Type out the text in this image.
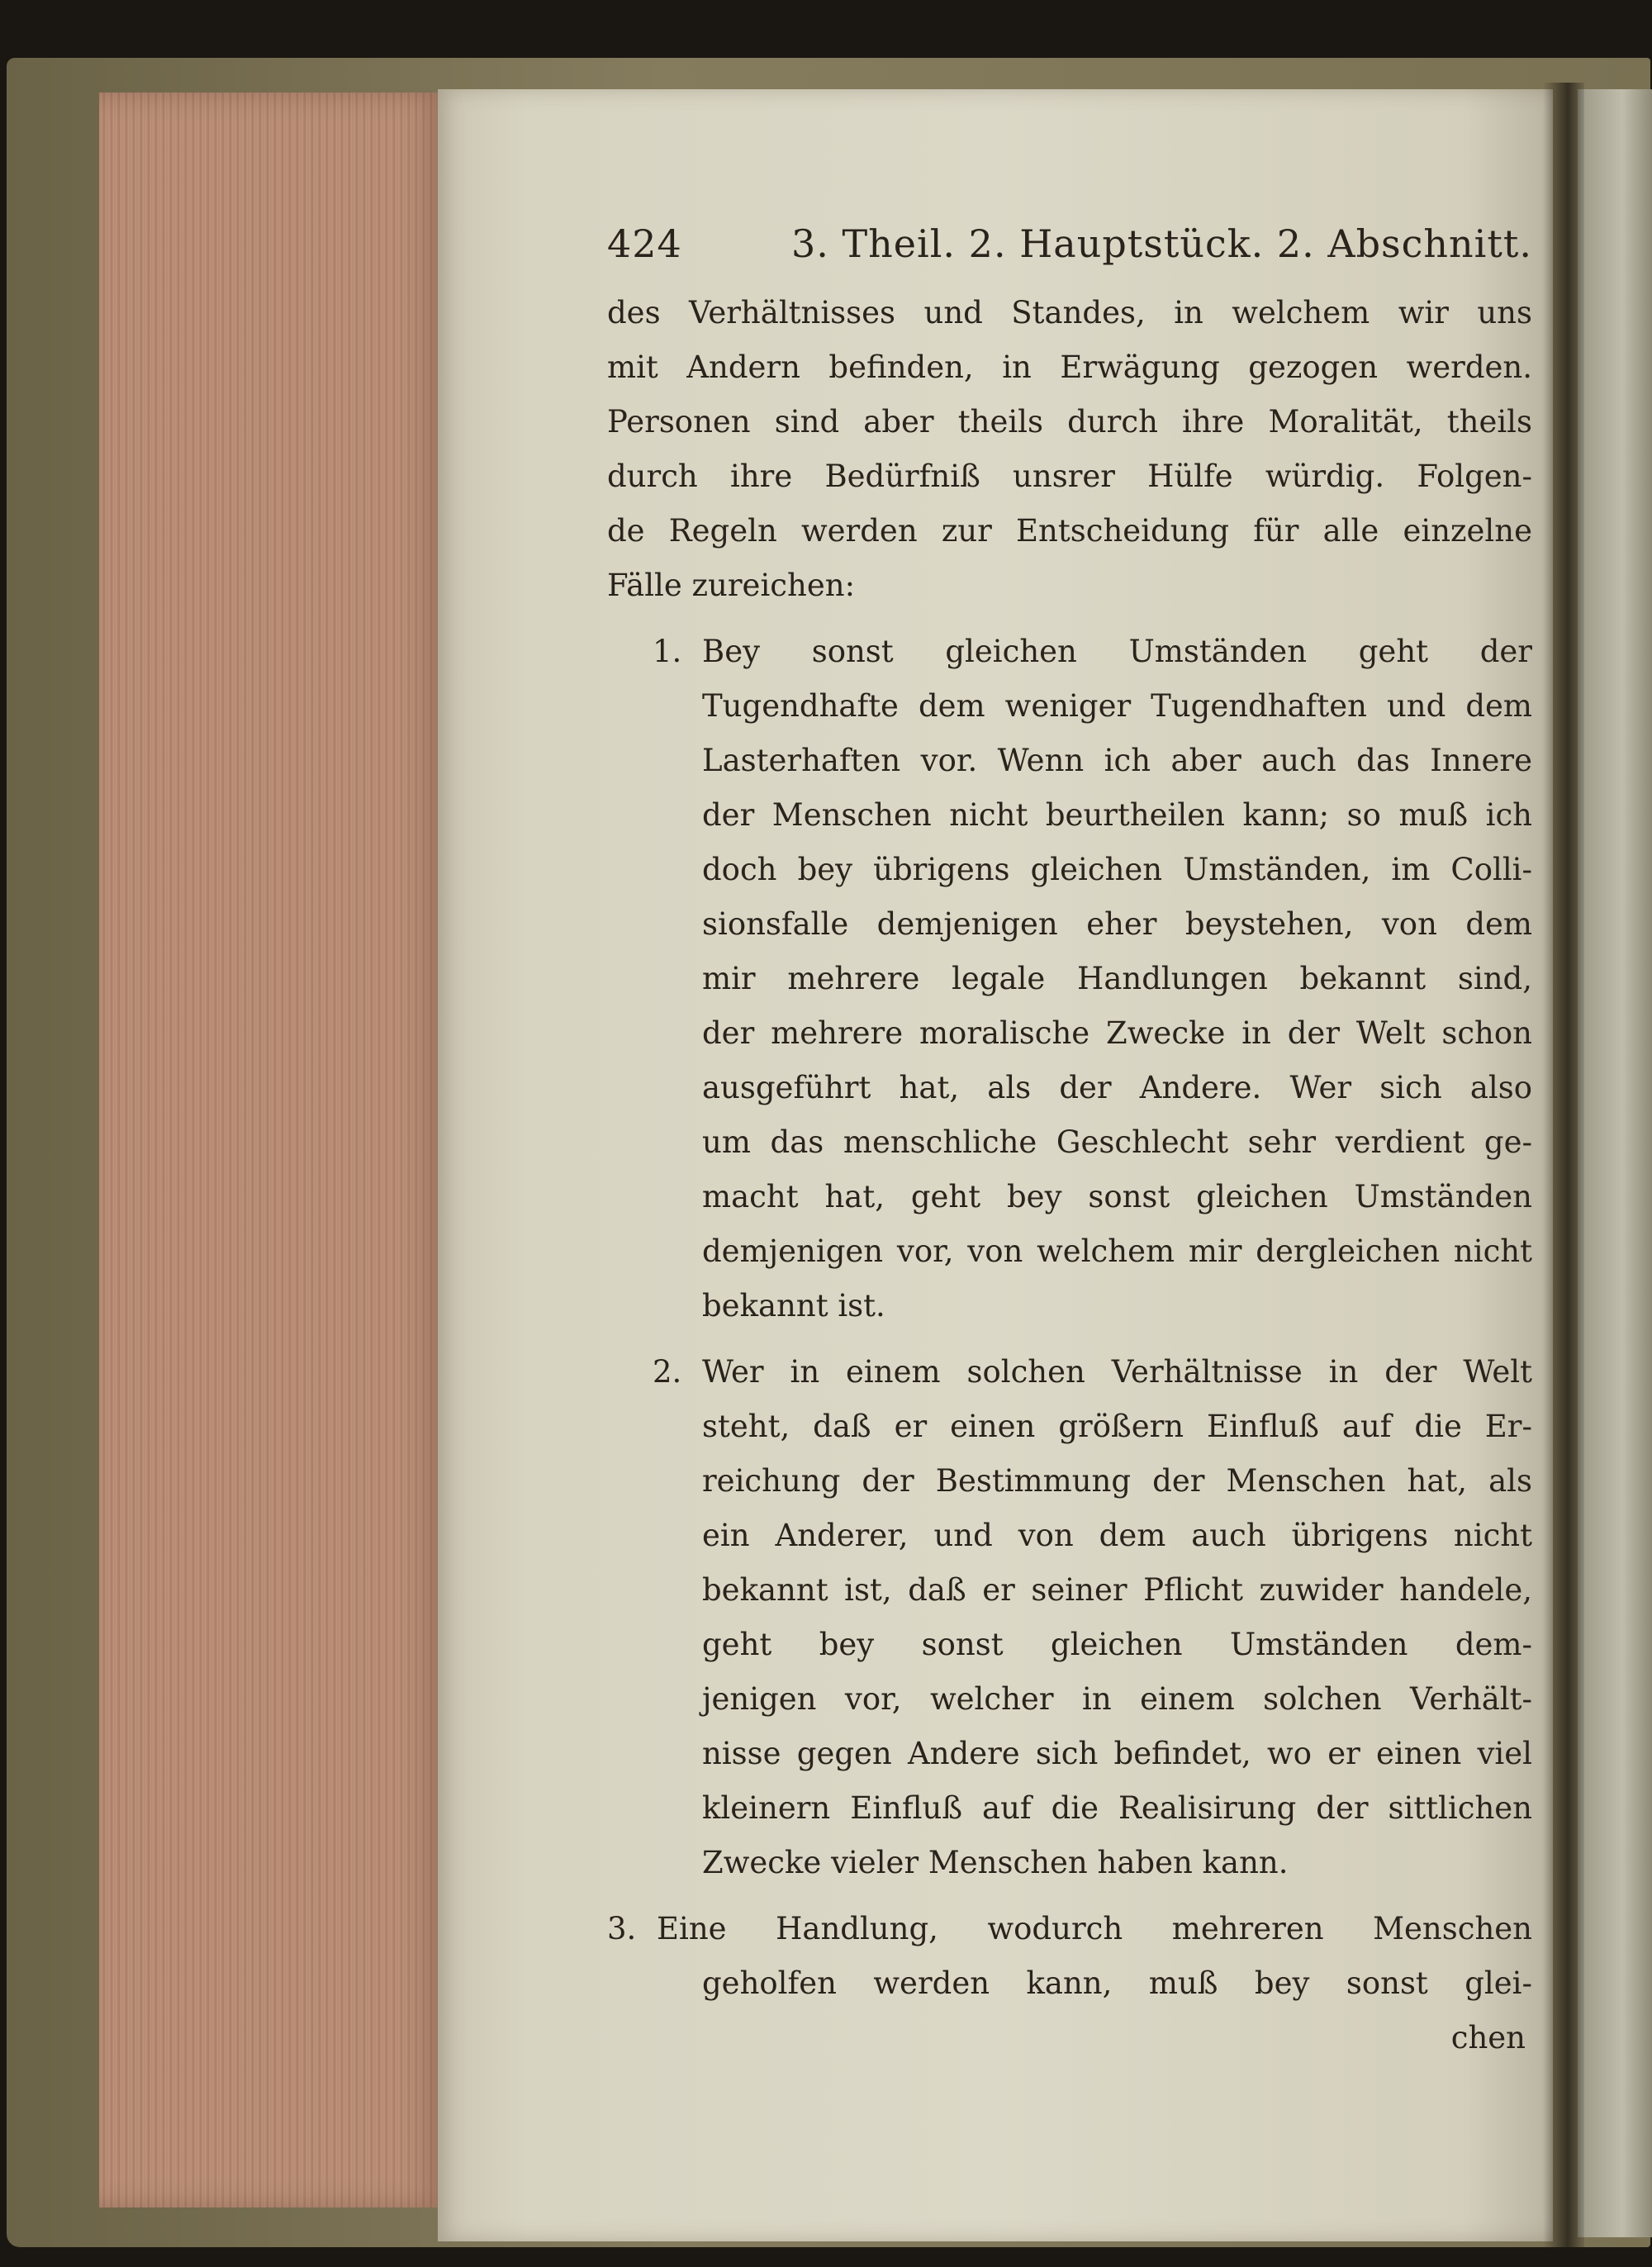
424	3. Theil. 2. Hauptstück. 2. Abschnitt.
des Verhältnisses und Standes, in welchem wir uns
mit Andern befinden, in Erwägung gezogen werden.
Personen sind aber theils durch ihre Moralität, theils
durch ihre Bedürfniß unsrer Hülfe würdig. Folgen-
de Regeln werden zur Entscheidung für alle einzelne
Fälle zureichen:
1. Bey sonst gleichen Umständen geht der
Tugendhafte dem weniger Tugendhaften und dem
Lasterhaften vor. Wenn ich aber auch das Innere
der Menschen nicht beurtheilen kann; so muß ich
doch bey übrigens gleichen Umständen, im Colli-
sionsfalle demjenigen eher beystehen, von dem
mir mehrere legale Handlungen bekannt sind,
der mehrere moralische Zwecke in der Welt schon
ausgeführt hat, als der Andere. Wer sich also
um das menschliche Geschlecht sehr verdient ge-
macht hat, geht bey sonst gleichen Umständen
demjenigen vor, von welchem mir dergleichen nicht
bekannt ist.
2. Wer in einem solchen Verhältnisse in der Welt
steht, daß er einen größern Einfluß auf die Er-
reichung der Bestimmung der Menschen hat, als
ein Anderer, und von dem auch übrigens nicht
bekannt ist, daß er seiner Pflicht zuwider handele,
geht bey sonst gleichen Umständen dem-
jenigen vor, welcher in einem solchen Verhält-
nisse gegen Andere sich befindet, wo er einen viel
kleinern Einfluß auf die Realisirung der sittlichen
Zwecke vieler Menschen haben kann.
3. Eine Handlung, wodurch mehreren Menschen
geholfen werden kann, muß bey sonst glei-
chen
